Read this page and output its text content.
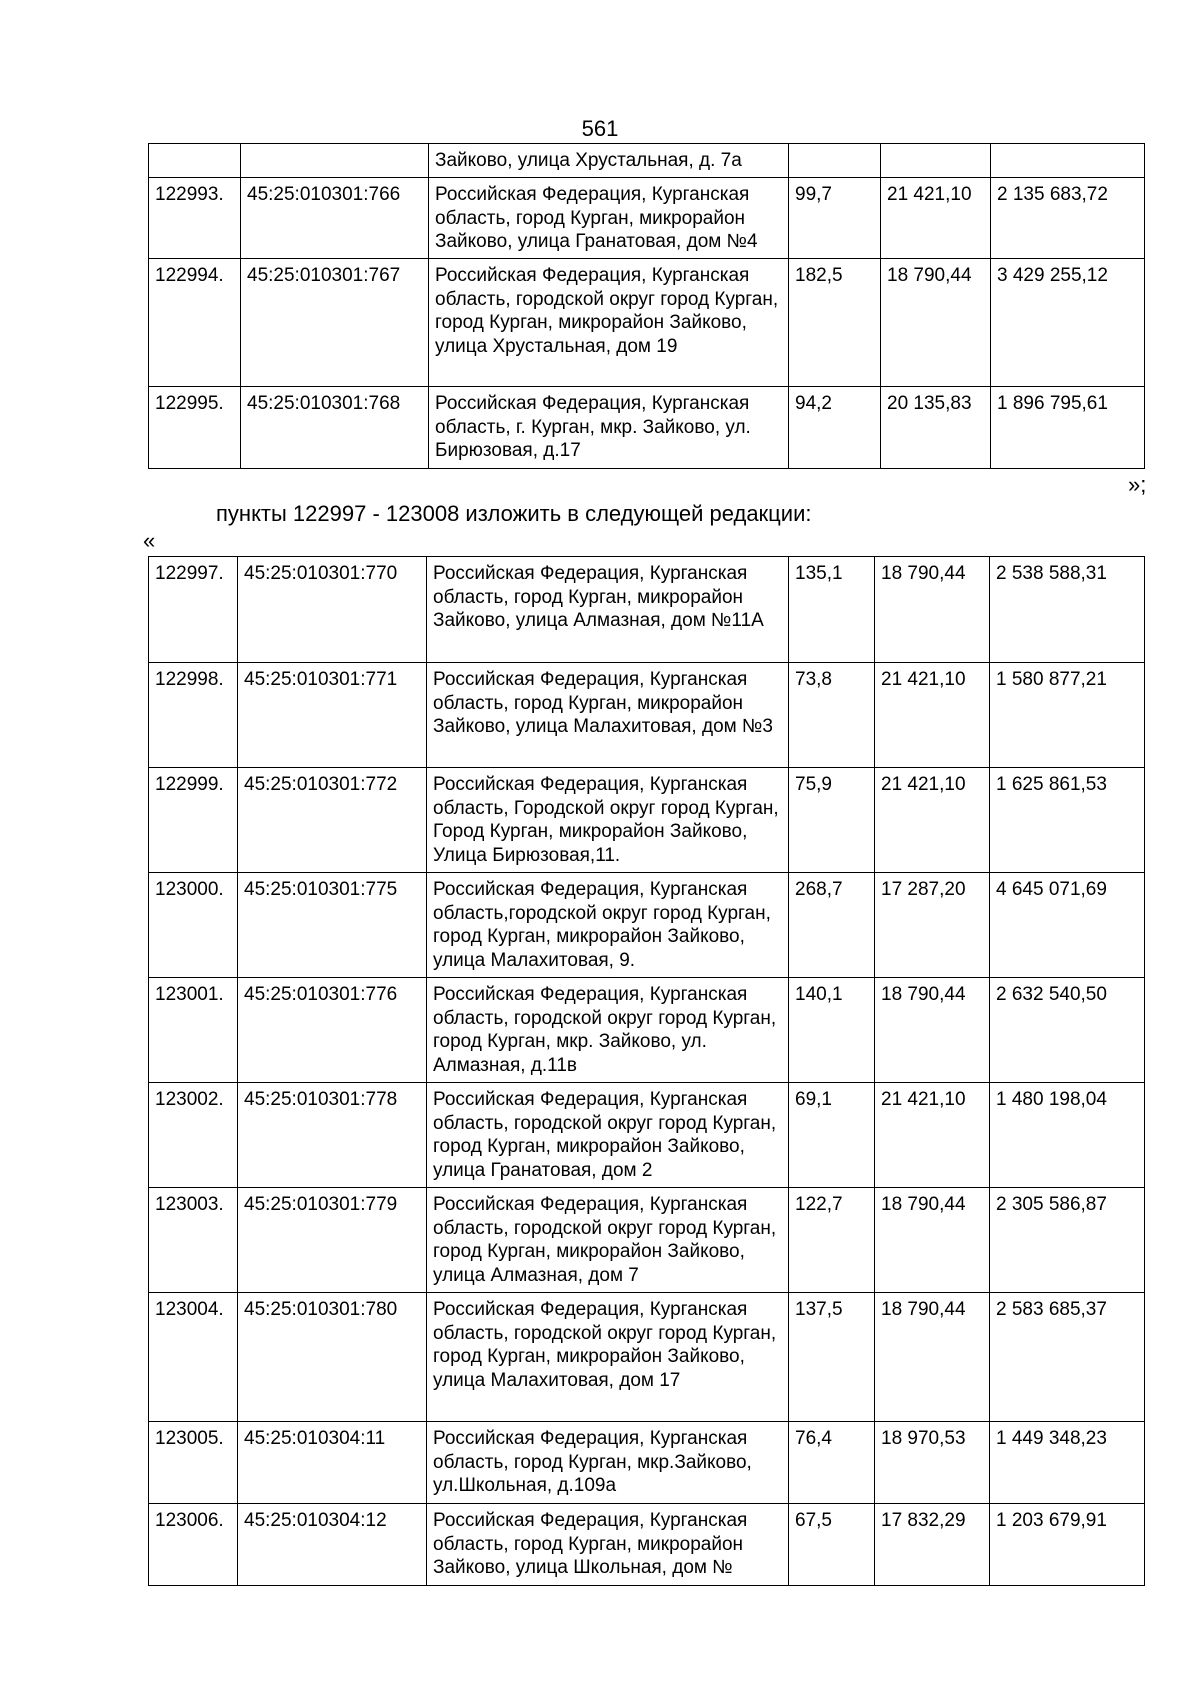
561
		Зайково, улица Хрустальная, д. 7а			
122993.	45:25:010301:766	Российская Федерация, Курганская область, город Курган, микрорайон Зайково, улица Гранатовая, дом №4	99,7	21 421,10	2 135 683,72
122994.	45:25:010301:767	Российская Федерация, Курганская область, городской округ город Курган, город Курган, микрорайон Зайково, улица Хрустальная, дом 19	182,5	18 790,44	3 429 255,12
122995.	45:25:010301:768	Российская Федерация, Курганская область, г. Курган, мкр. Зайково, ул. Бирюзовая, д.17	94,2	20 135,83	1 896 795,61
»;
пункты 122997 - 123008 изложить в следующей редакции:
«
122997.	45:25:010301:770	Российская Федерация, Курганская область, город Курган, микрорайон Зайково, улица Алмазная, дом №11А	135,1	18 790,44	2 538 588,31
122998.	45:25:010301:771	Российская Федерация, Курганская область, город Курган, микрорайон Зайково, улица Малахитовая, дом №3	73,8	21 421,10	1 580 877,21
122999.	45:25:010301:772	Российская Федерация, Курганская область, Городской округ город Курган, Город Курган, микрорайон Зайково, Улица Бирюзовая,11.	75,9	21 421,10	1 625 861,53
123000.	45:25:010301:775	Российская Федерация, Курганская область,городской округ город Курган, город Курган, микрорайон Зайково, улица Малахитовая, 9.	268,7	17 287,20	4 645 071,69
123001.	45:25:010301:776	Российская Федерация, Курганская область, городской округ город Курган, город Курган, мкр. Зайково, ул. Алмазная, д.11в	140,1	18 790,44	2 632 540,50
123002.	45:25:010301:778	Российская Федерация, Курганская область, городской округ город Курган, город Курган, микрорайон Зайково, улица Гранатовая, дом 2	69,1	21 421,10	1 480 198,04
123003.	45:25:010301:779	Российская Федерация, Курганская область, городской округ город Курган, город Курган, микрорайон Зайково, улица Алмазная, дом 7	122,7	18 790,44	2 305 586,87
123004.	45:25:010301:780	Российская Федерация, Курганская область, городской округ город Курган, город Курган, микрорайон Зайково, улица Малахитовая, дом 17	137,5	18 790,44	2 583 685,37
123005.	45:25:010304:11	Российская Федерация, Курганская область, город Курган, мкр.Зайково, ул.Школьная, д.109а	76,4	18 970,53	1 449 348,23
123006.	45:25:010304:12	Российская Федерация, Курганская область, город Курган, микрорайон Зайково, улица Школьная, дом №	67,5	17 832,29	1 203 679,91
